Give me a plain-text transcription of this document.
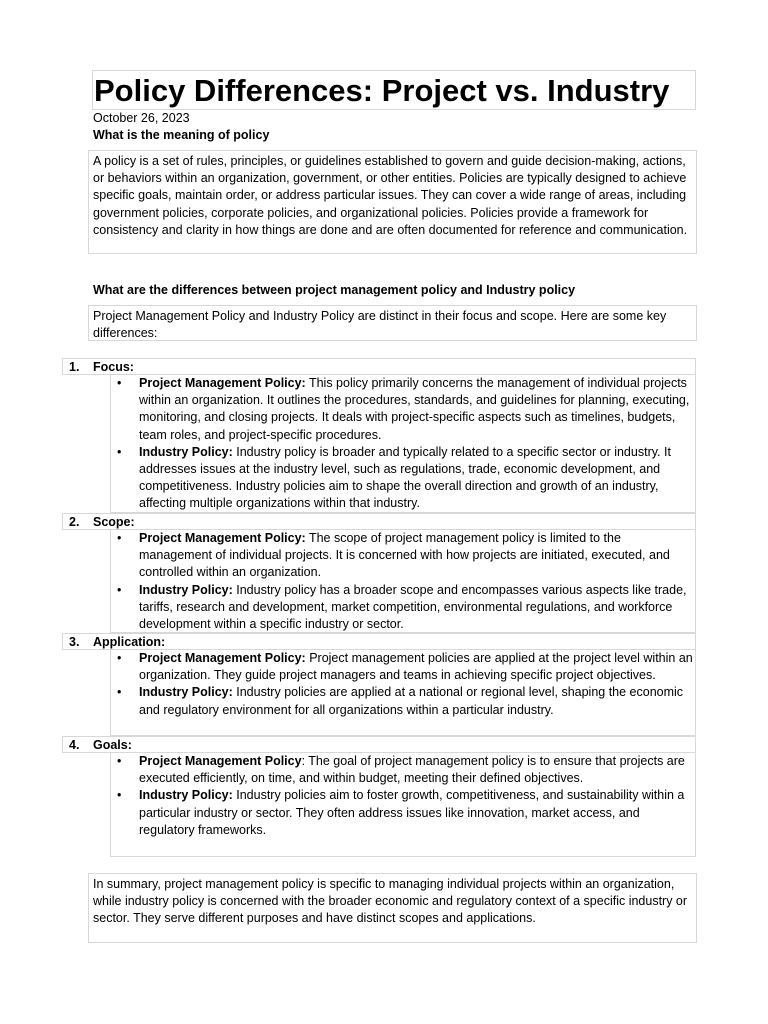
Policy Differences: Project vs. Industry
October 26, 2023
What is the meaning of policy
A policy is a set of rules, principles, or guidelines established to govern and guide decision-making, actions, or behaviors within an organization, government, or other entities. Policies are typically designed to achieve specific goals, maintain order, or address particular issues. They can cover a wide range of areas, including government policies, corporate policies, and organizational policies. Policies provide a framework for consistency and clarity in how things are done and are often documented for reference and communication.
What are the differences between project management policy and Industry policy
Project Management Policy and Industry Policy are distinct in their focus and scope. Here are some key differences:
1. Focus:
• Project Management Policy: This policy primarily concerns the management of individual projects within an organization. It outlines the procedures, standards, and guidelines for planning, executing, monitoring, and closing projects. It deals with project-specific aspects such as timelines, budgets, team roles, and project-specific procedures.
• Industry Policy: Industry policy is broader and typically related to a specific sector or industry. It addresses issues at the industry level, such as regulations, trade, economic development, and competitiveness. Industry policies aim to shape the overall direction and growth of an industry, affecting multiple organizations within that industry.
2. Scope:
• Project Management Policy: The scope of project management policy is limited to the management of individual projects. It is concerned with how projects are initiated, executed, and controlled within an organization.
• Industry Policy: Industry policy has a broader scope and encompasses various aspects like trade, tariffs, research and development, market competition, environmental regulations, and workforce development within a specific industry or sector.
3. Application:
• Project Management Policy: Project management policies are applied at the project level within an organization. They guide project managers and teams in achieving specific project objectives.
• Industry Policy: Industry policies are applied at a national or regional level, shaping the economic and regulatory environment for all organizations within a particular industry.
4. Goals:
• Project Management Policy: The goal of project management policy is to ensure that projects are executed efficiently, on time, and within budget, meeting their defined objectives.
• Industry Policy: Industry policies aim to foster growth, competitiveness, and sustainability within a particular industry or sector. They often address issues like innovation, market access, and regulatory frameworks.
In summary, project management policy is specific to managing individual projects within an organization, while industry policy is concerned with the broader economic and regulatory context of a specific industry or sector. They serve different purposes and have distinct scopes and applications.
